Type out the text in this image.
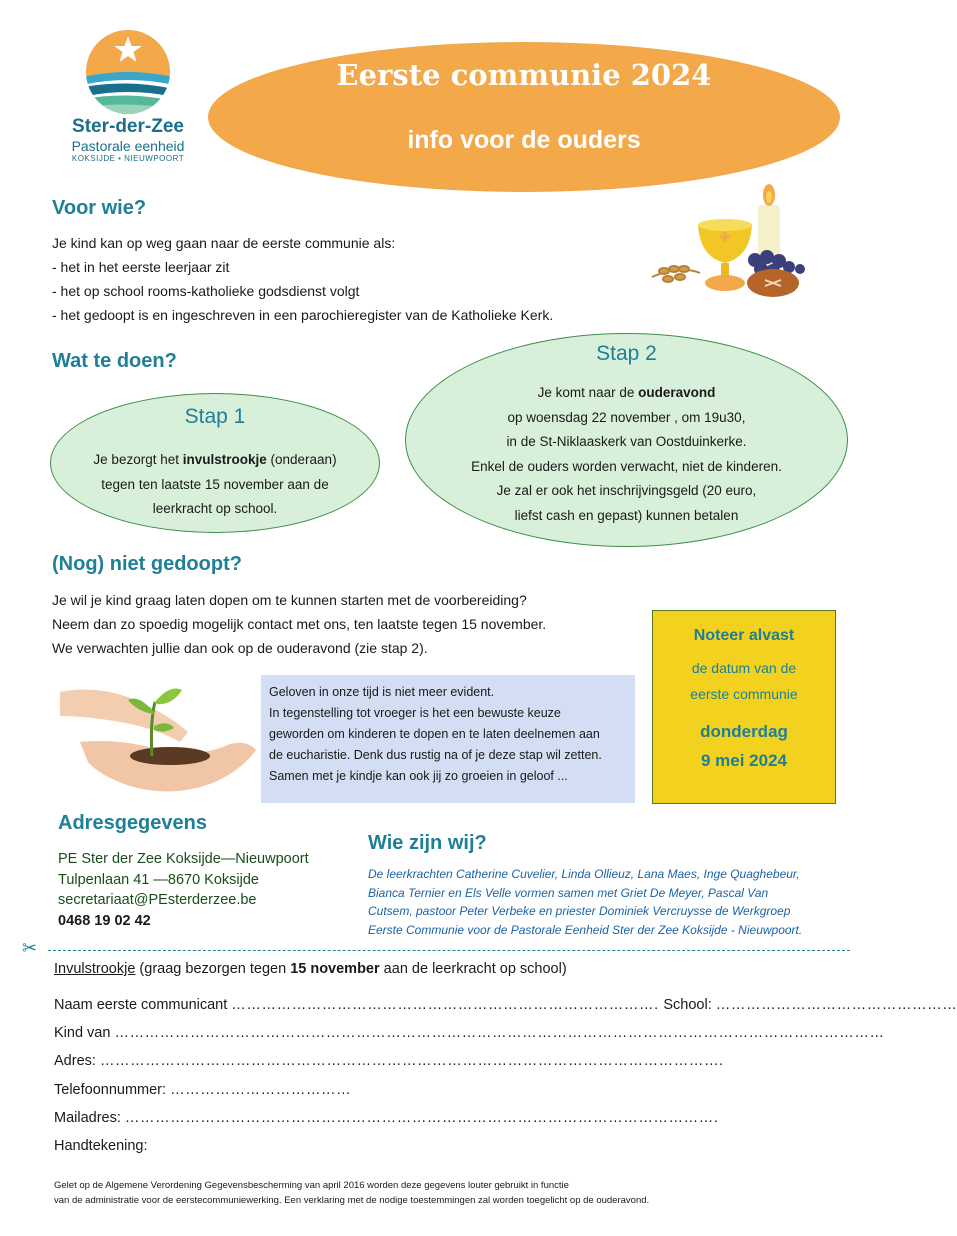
Ster-der-Zee
Pastorale eenheid
KOKSIJDE • NIEUWPOORT
Eerste communie 2024
info voor de ouders
Voor wie?
Je kind kan op weg gaan naar de eerste communie als:
- het in het eerste leerjaar zit
- het op school rooms-katholieke godsdienst volgt
- het gedoopt is en ingeschreven in een parochieregister van de Katholieke Kerk.
Wat te doen?	Stap 2
Je komt naar de ouderavond
op woensdag 22 november , om 19u30,
in de St-Niklaaskerk van Oostduinkerke.
Enkel de ouders worden verwacht, niet de kinderen.
Je zal er ook het inschrijvingsgeld (20 euro,
liefst cash en gepast) kunnen betalen
Stap 1
Je bezorgt het invulstrookje (onderaan)
tegen ten laatste 15 november aan de
leerkracht op school.
(Nog) niet gedoopt?
Je wil je kind graag laten dopen om te kunnen starten met de voorbereiding?
Neem dan zo spoedig mogelijk contact met ons, ten laatste tegen 15 november.
We verwachten jullie dan ook op de ouderavond (zie stap 2).
Noteer alvast
de datum van de
eerste communie
donderdag
9 mei 2024
Geloven in onze tijd is niet meer evident.
In tegenstelling tot vroeger is het een bewuste keuze
geworden om kinderen te dopen en te laten deelnemen aan
de eucharistie. Denk dus rustig na of je deze stap wil zetten.
Samen met je kindje kan ook jij zo groeien in geloof ...
Adresgegevens
PE Ster der Zee Koksijde—Nieuwpoort
Tulpenlaan 41 —8670 Koksijde
secretariaat@PEsterderzee.be
0468 19 02 42
Wie zijn wij?
De leerkrachten Catherine Cuvelier, Linda Ollieuz, Lana Maes, Inge Quaghebeur,
Bianca Ternier en Els Velle vormen samen met Griet De Meyer, Pascal Van
Cutsem, pastoor Peter Verbeke en priester Dominiek Vercruysse de Werkgroep
Eerste Communie voor de Pastorale Eenheid Ster der Zee Koksijde - Nieuwpoort.
✂
Invulstrookje (graag bezorgen tegen 15 november aan de leerkracht op school)
Naam eerste communicant …………………………………………………………………………. School: …………………………………………
Kind van ………………………………………………………………………………………………………………………………………
Adres: …………………………………………………………………………………………………………….
Telefoonnummer: ………………………………
Mailadres: ……………………………………………………………………………………………………….
Handtekening:
Gelet op de Algemene Verordening Gegevensbescherming van april 2016 worden deze gegevens louter gebruikt in functie
van de administratie voor de eerstecommuniewerking. Een verklaring met de nodige toestemmingen zal worden toegelicht op de ouderavond.
